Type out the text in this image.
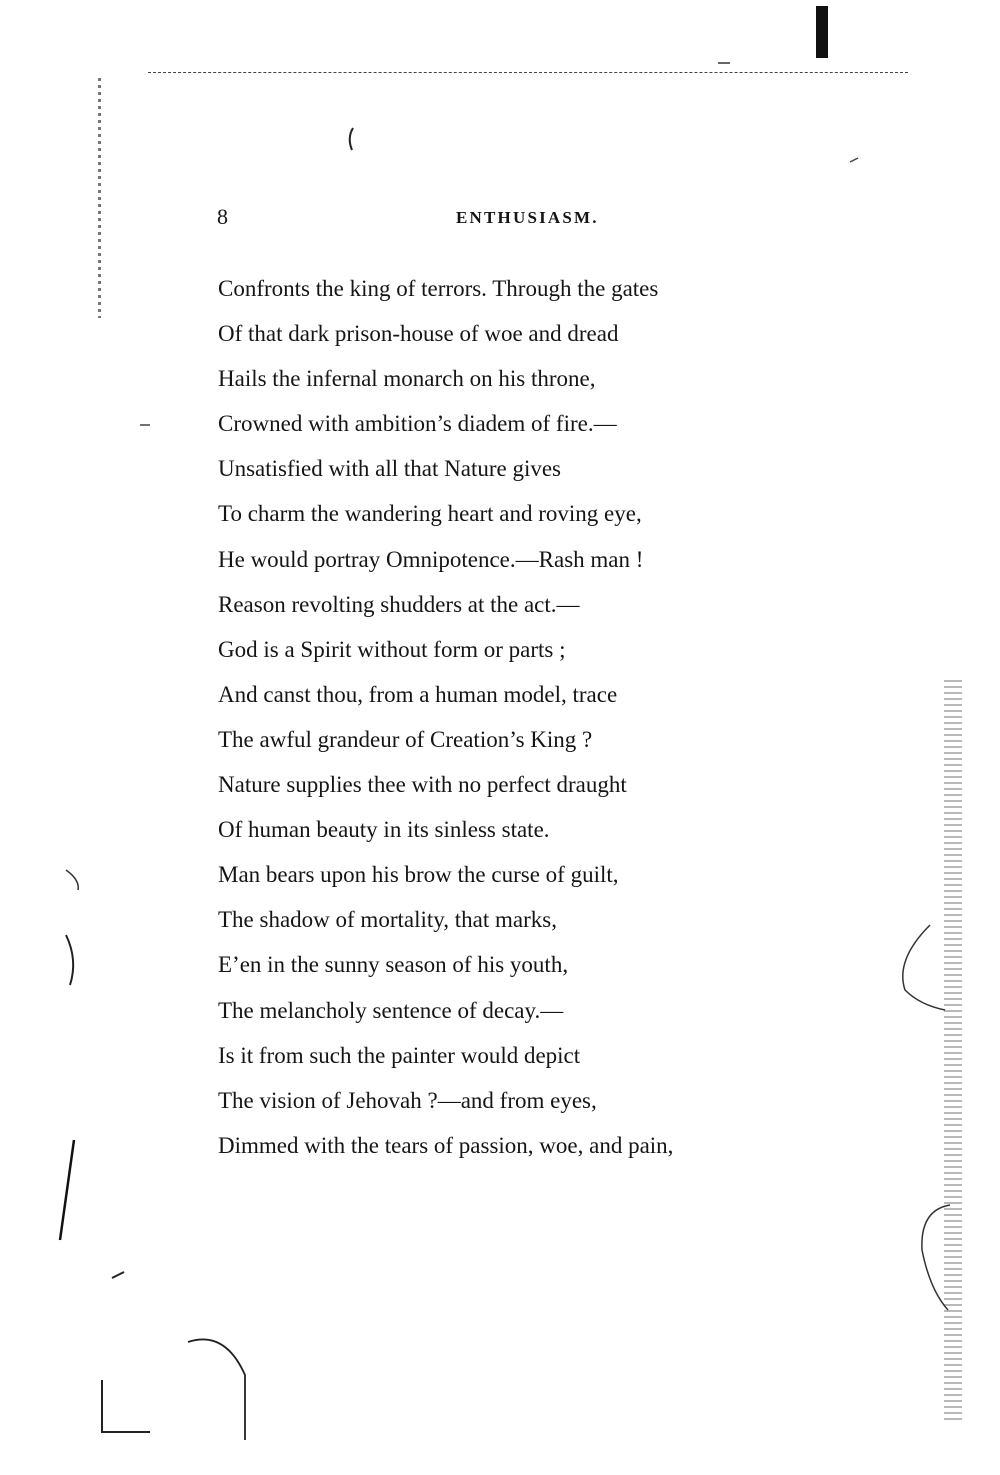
8	ENTHUSIASM.
Confronts the king of terrors. Through the gates
Of that dark prison-house of woe and dread
Hails the infernal monarch on his throne,
Crowned with ambition’s diadem of fire.—
Unsatisfied with all that Nature gives
To charm the wandering heart and roving eye,
He would portray Omnipotence.—Rash man !
Reason revolting shudders at the act.—
God is a Spirit without form or parts ;
And canst thou, from a human model, trace
The awful grandeur of Creation’s King ?
Nature supplies thee with no perfect draught
Of human beauty in its sinless state.
Man bears upon his brow the curse of guilt,
The shadow of mortality, that marks,
E’en in the sunny season of his youth,
The melancholy sentence of decay.—
Is it from such the painter would depict
The vision of Jehovah ?—and from eyes,
Dimmed with the tears of passion, woe, and pain,
